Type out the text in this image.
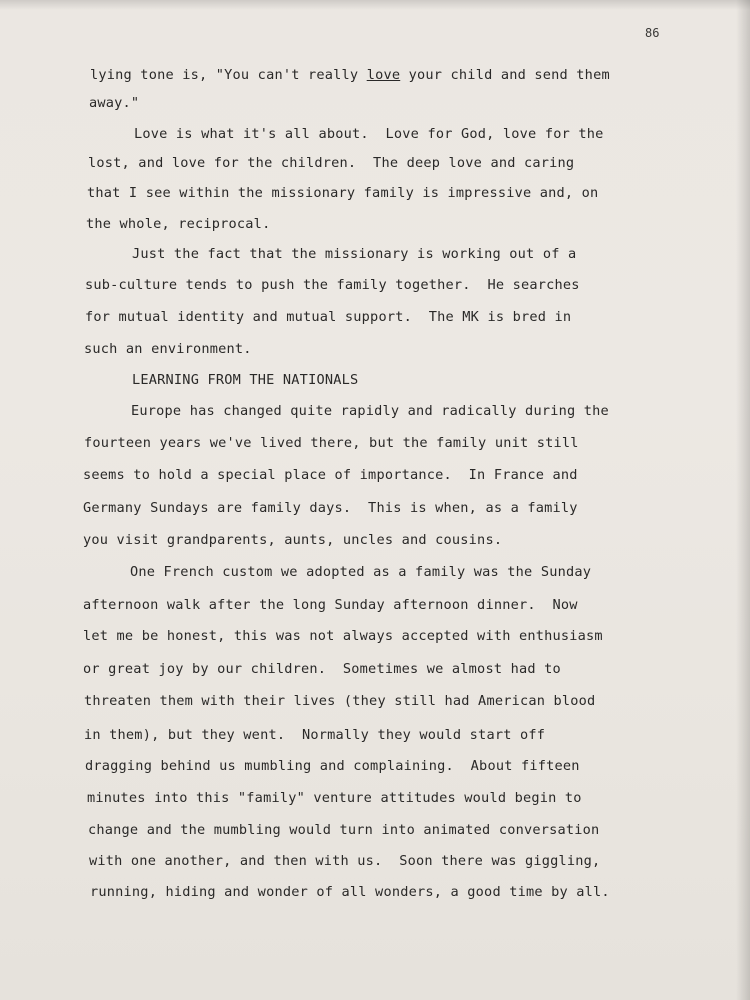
86
lying tone is, "You can't really love your child and send them
away."
Love is what it's all about.  Love for God, love for the
lost, and love for the children.  The deep love and caring
that I see within the missionary family is impressive and, on
the whole, reciprocal.
Just the fact that the missionary is working out of a
sub-culture tends to push the family together.  He searches
for mutual identity and mutual support.  The MK is bred in
such an environment.
LEARNING FROM THE NATIONALS
Europe has changed quite rapidly and radically during the
fourteen years we've lived there, but the family unit still
seems to hold a special place of importance.  In France and
Germany Sundays are family days.  This is when, as a family
you visit grandparents, aunts, uncles and cousins.
One French custom we adopted as a family was the Sunday
afternoon walk after the long Sunday afternoon dinner.  Now
let me be honest, this was not always accepted with enthusiasm
or great joy by our children.  Sometimes we almost had to
threaten them with their lives (they still had American blood
in them), but they went.  Normally they would start off
dragging behind us mumbling and complaining.  About fifteen
minutes into this "family" venture attitudes would begin to
change and the mumbling would turn into animated conversation
with one another, and then with us.  Soon there was giggling,
running, hiding and wonder of all wonders, a good time by all.
